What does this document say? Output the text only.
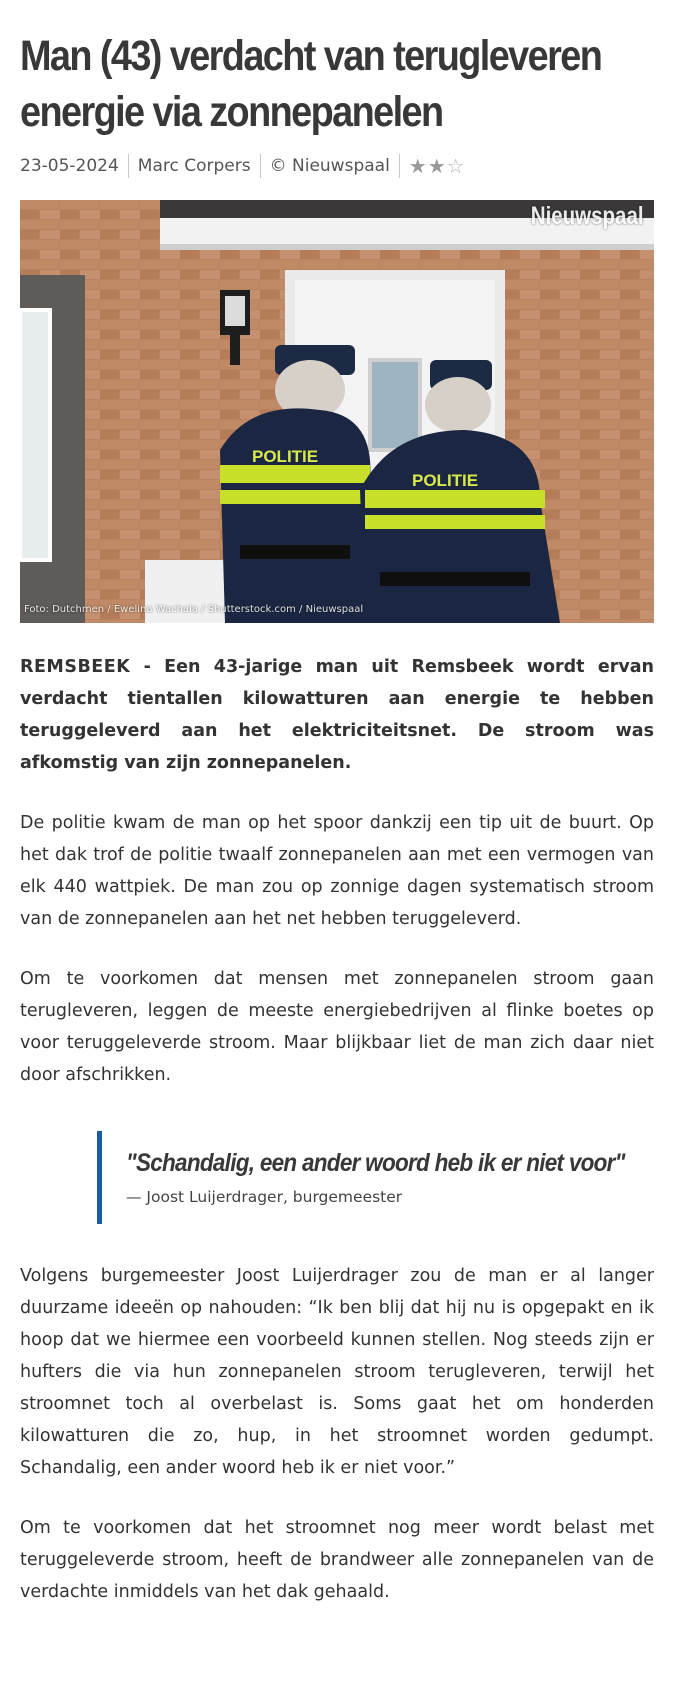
Man (43) verdacht van terugleveren energie via zonnepanelen
23-05-2024 Marc Corpers © Nieuwspaal ★ ★ ☆
POLITIE
POLITIE
Nieuwspaal
Foto: Dutchmen / Ewelina Wachala / Shutterstock.com / Nieuwspaal

REMSBEEK - Een 43-jarige man uit Remsbeek wordt ervan verdacht tientallen kilowatturen aan energie te hebben teruggeleverd aan het elektriciteitsnet. De stroom was afkomstig van zijn zonnepanelen.

De politie kwam de man op het spoor dankzij een tip uit de buurt. Op het dak trof de politie twaalf zonnepanelen aan met een vermogen van elk 440 wattpiek. De man zou op zonnige dagen systematisch stroom van de zonnepanelen aan het net hebben teruggeleverd.

Om te voorkomen dat mensen met zonnepanelen stroom gaan terugleveren, leggen de meeste energiebedrijven al flinke boetes op voor teruggeleverde stroom. Maar blijkbaar liet de man zich daar niet door afschrikken.

"Schandalig, een ander woord heb ik er niet voor"
— Joost Luijerdrager, burgemeester

Volgens burgemeester Joost Luijerdrager zou de man er al langer duurzame ideeën op nahouden: “Ik ben blij dat hij nu is opgepakt en ik hoop dat we hiermee een voorbeeld kunnen stellen. Nog steeds zijn er hufters die via hun zonnepanelen stroom terugleveren, terwijl het stroomnet toch al overbelast is. Soms gaat het om honderden kilowatturen die zo, hup, in het stroomnet worden gedumpt. Schandalig, een ander woord heb ik er niet voor.”

Om te voorkomen dat het stroomnet nog meer wordt belast met teruggeleverde stroom, heeft de brandweer alle zonnepanelen van de verdachte inmiddels van het dak gehaald.
